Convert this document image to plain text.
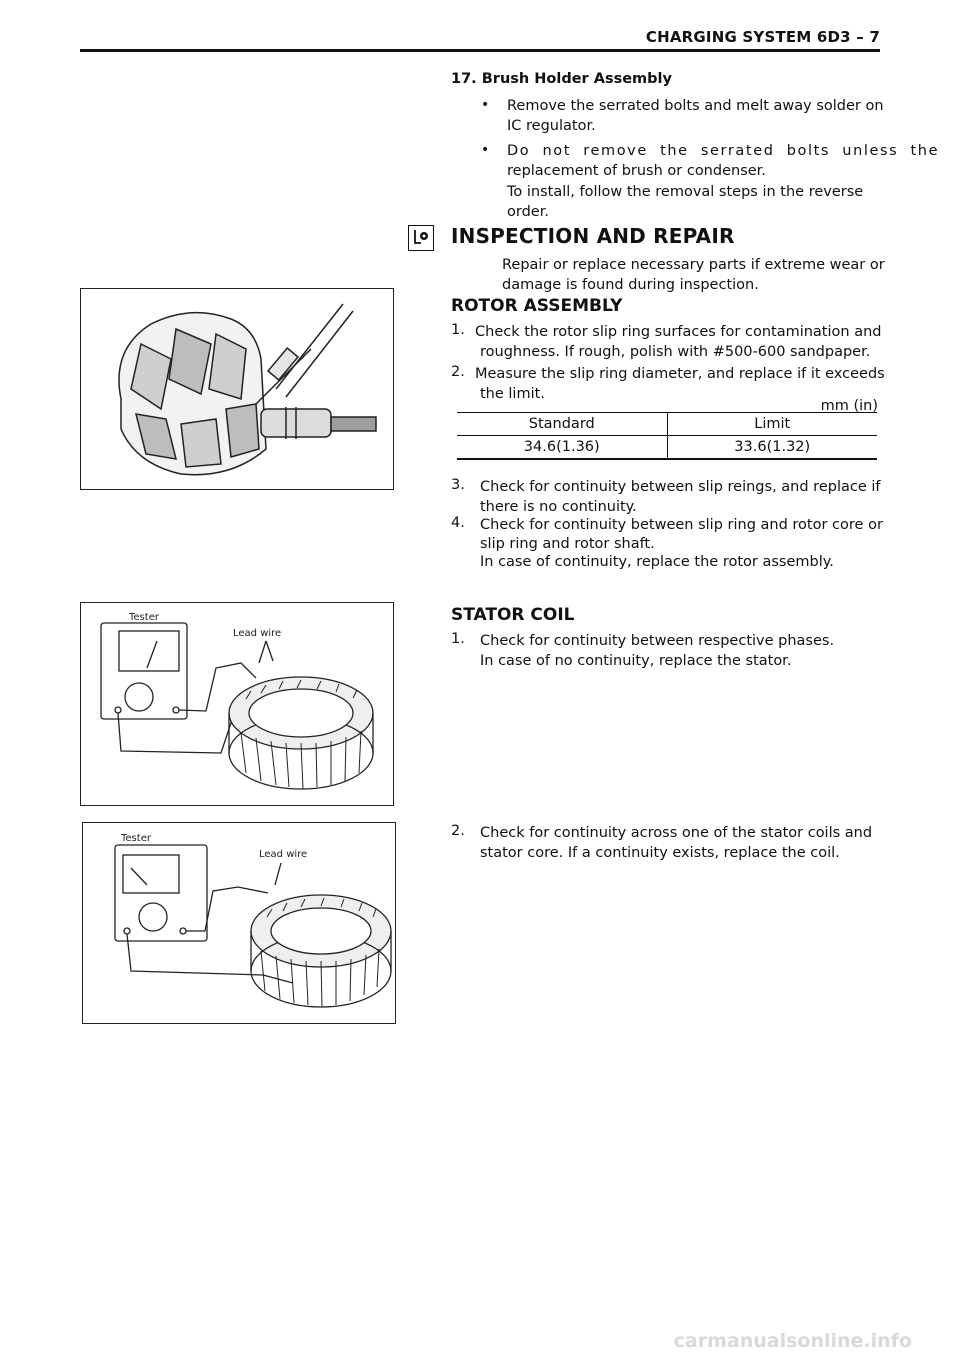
CHARGING SYSTEM 6D3 – 7
17. Brush Holder Assembly
• Remove the serrated bolts and melt away solder on
IC regulator.
• Do not remove the serrated bolts unless the
replacement of brush or condenser.
To install, follow the removal steps in the reverse
order.
INSPECTION AND REPAIR
Repair or replace necessary parts if extreme wear or
damage is found during inspection.
ROTOR ASSEMBLY
1. Check the rotor slip ring surfaces for contamination and
roughness. If rough, polish with #500-600 sandpaper.
2. Measure the slip ring diameter, and replace if it exceeds
the limit.
mm (in)
Standard	Limit
34.6(1.36)	33.6(1.32)
3. Check for continuity between slip reings, and replace if
there is no continuity.
4. Check for continuity between slip ring and rotor core or
slip ring and rotor shaft.
In case of continuity, replace the rotor assembly.
Tester
Lead wire
STATOR COIL
1. Check for continuity between respective phases.
In case of no continuity, replace the stator.
Tester
Lead wire
2. Check for continuity across one of the stator coils and
stator core. If a continuity exists, replace the coil.
carmanualsonline.info
